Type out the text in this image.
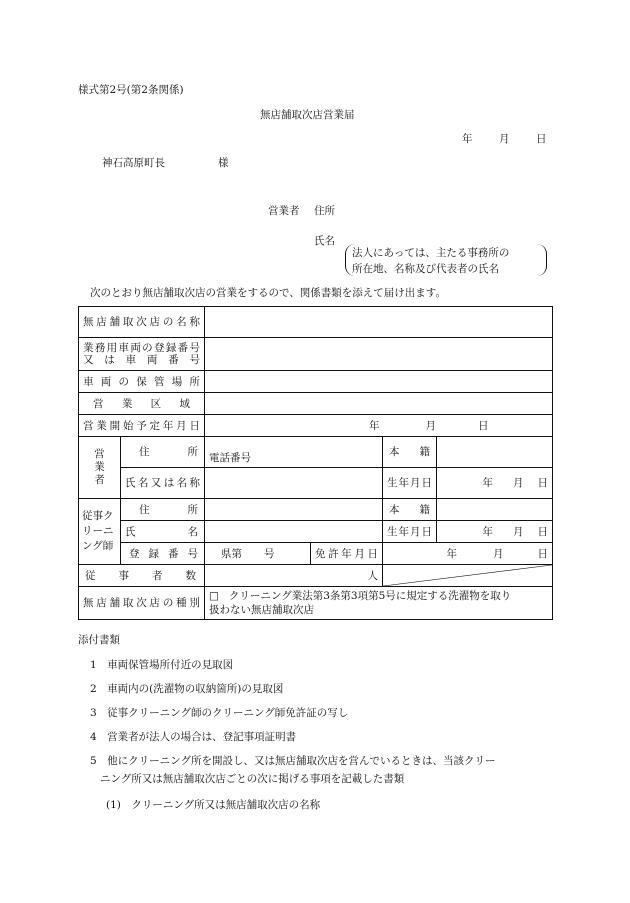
様式第2号(第2条関係)
無店舗取次店営業届
年	月	日
神石高原町長	様
営業者 住所
氏名
法人にあっては、主たる事務所の
所在地、名称及び代表者の氏名
次のとおり無店舗取次店の営業をするので、関係書類を添えて届け出ます。
無店舗取次店の名称					

業務用車両の登録番号
又は車両番号					

車両の保管場所					

営業区域					

営業開始予定年月日		年 月 日			

営業者	住所	電話番号		本籍	

	氏名又は名称			生年月日	年 月 日

従事クリーニング師	住所			本籍	

	氏名			生年月日	年 月 日

	登録番号	県第 号	免許年月日	年 月 日	

従事者数		人	

無店舗取次店の種別		□ クリーニング業法第3条第3項第5号に規定する洗濯物を取り
扱わない無店舗取次店			
添付書類
1　車両保管場所付近の見取図
2　車両内の(洗濯物の収納箇所)の見取図
3　従事クリーニング師のクリーニング師免許証の写し
4　営業者が法人の場合は、登記事項証明書
5　他にクリーニング所を開設し、又は無店舗取次店を営んでいるときは、当該クリー
ニング所又は無店舗取次店ごとの次に掲げる事項を記載した書類
(1)　クリーニング所又は無店舗取次店の名称
